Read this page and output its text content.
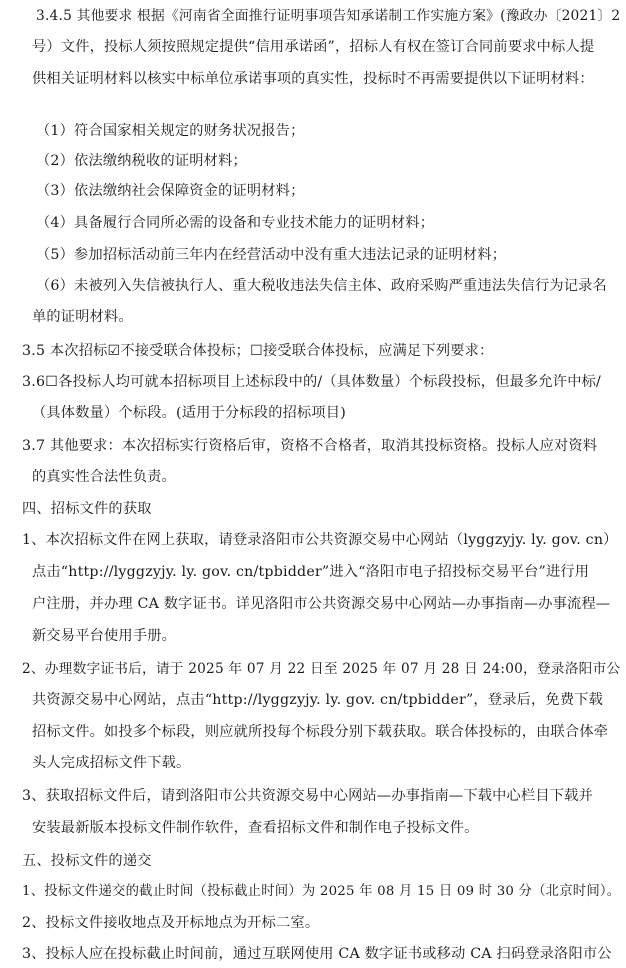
3.4.5 其他要求 根据《河南省全面推行证明事项告知承诺制工作实施方案》(豫政办〔2021〕2
号）文件，投标人须按照规定提供“信用承诺函”，招标人有权在签订合同前要求中标人提
供相关证明材料以核实中标单位承诺事项的真实性，投标时不再需要提供以下证明材料：
（1）符合国家相关规定的财务状况报告；
（2）依法缴纳税收的证明材料；
（3）依法缴纳社会保障资金的证明材料；
（4）具备履行合同所必需的设备和专业技术能力的证明材料；
（5）参加招标活动前三年内在经营活动中没有重大违法记录的证明材料；
（6）未被列入失信被执行人、重大税收违法失信主体、政府采购严重违法失信行为记录名
单的证明材料。
3.5 本次招标☑不接受联合体投标；☐接受联合体投标，应满足下列要求：
3.6☐各投标人均可就本招标项目上述标段中的/（具体数量）个标段投标，但最多允许中标/
（具体数量）个标段。(适用于分标段的招标项目)
3.7 其他要求：本次招标实行资格后审，资格不合格者，取消其投标资格。投标人应对资料
的真实性合法性负责。
四、招标文件的获取
1、本次招标文件在网上获取，请登录洛阳市公共资源交易中心网站（lyggzyjy. ly. gov. cn）
点击“http://lyggzyjy. ly. gov. cn/tpbidder”进入“洛阳市电子招投标交易平台”进行用
户注册，并办理 CA 数字证书。详见洛阳市公共资源交易中心网站—办事指南—办事流程—
新交易平台使用手册。
2、办理数字证书后，请于 2025 年 07 月 22 日至 2025 年 07 月 28 日 24:00，登录洛阳市公
共资源交易中心网站，点击“http://lyggzyjy. ly. gov. cn/tpbidder”，登录后，免费下载
招标文件。如投多个标段，则应就所投每个标段分别下载获取。联合体投标的，由联合体牵
头人完成招标文件下载。
3、获取招标文件后，请到洛阳市公共资源交易中心网站—办事指南—下载中心栏目下载并
安装最新版本投标文件制作软件，查看招标文件和制作电子投标文件。
五、投标文件的递交
1、投标文件递交的截止时间（投标截止时间）为 2025 年 08 月 15 日 09 时 30 分（北京时间）。
2、投标文件接收地点及开标地点为开标二室。
3、投标人应在投标截止时间前，通过互联网使用 CA 数字证书或移动 CA 扫码登录洛阳市公
